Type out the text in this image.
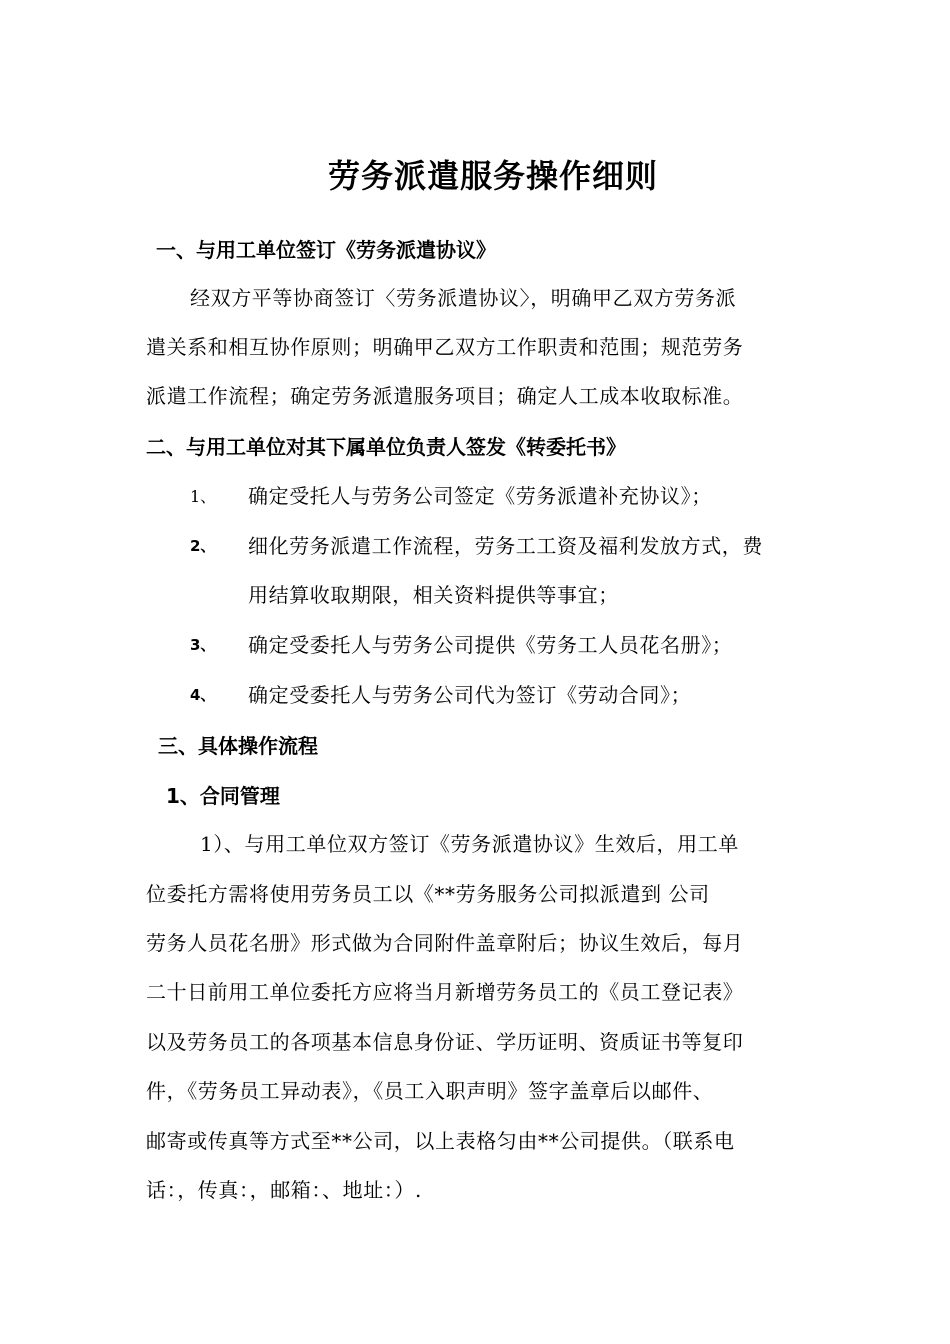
劳务派遣服务操作细则
一、与用工单位签订《劳务派遣协议》
经双方平等协商签订〈劳务派遣协议〉，明确甲乙双方劳务派
遣关系和相互协作原则；明确甲乙双方工作职责和范围；规范劳务
派遣工作流程；确定劳务派遣服务项目；确定人工成本收取标准。
二、与用工单位对其下属单位负责人签发《转委托书》
1、 确定受托人与劳务公司签定《劳务派遣补充协议》；
2、 细化劳务派遣工作流程，劳务工工资及福利发放方式，费
用结算收取期限，相关资料提供等事宜；
3、 确定受委托人与劳务公司提供《劳务工人员花名册》；
4、 确定受委托人与劳务公司代为签订《劳动合同》；
三、具体操作流程
1、合同管理
1）、与用工单位双方签订《劳务派遣协议》生效后，用工单
位委托方需将使用劳务员工以《**劳务服务公司拟派遣到 公司
劳务人员花名册》形式做为合同附件盖章附后；协议生效后，每月
二十日前用工单位委托方应将当月新增劳务员工的《员工登记表》
以及劳务员工的各项基本信息身份证、学历证明、资质证书等复印
件，《劳务员工异动表》，《员工入职声明》签字盖章后以邮件、
邮寄或传真等方式至**公司，以上表格匀由**公司提供。（联系电
话：，传真：，邮箱：、地址：）.
